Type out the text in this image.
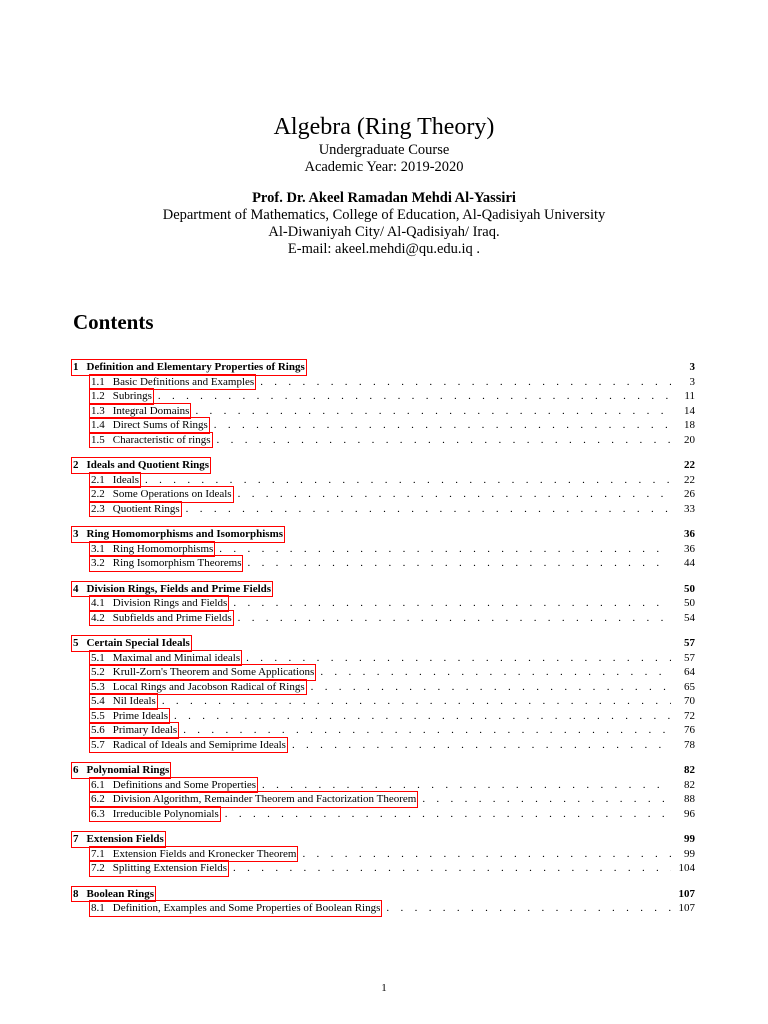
Algebra (Ring Theory)
Undergraduate Course
Academic Year: 2019-2020
Prof. Dr. Akeel Ramadan Mehdi Al-Yassiri
Department of Mathematics, College of Education, Al-Qadisiyah University
Al-Diwaniyah City/ Al-Qadisiyah/ Iraq.
E-mail: akeel.mehdi@qu.edu.iq .
Contents
1 Definition and Elementary Properties of Rings	3
1.1 Basic Definitions and Examples . . .	3
1.2 Subrings . . .	11
1.3 Integral Domains . . .	14
1.4 Direct Sums of Rings . . .	18
1.5 Characteristic of rings . . .	20
2 Ideals and Quotient Rings	22
2.1 Ideals . . .	22
2.2 Some Operations on Ideals . . .	26
2.3 Quotient Rings . . .	33
3 Ring Homomorphisms and Isomorphisms	36
3.1 Ring Homomorphisms . . .	36
3.2 Ring Isomorphism Theorems . . .	44
4 Division Rings, Fields and Prime Fields	50
4.1 Division Rings and Fields . . .	50
4.2 Subfields and Prime Fields . . .	54
5 Certain Special Ideals	57
5.1 Maximal and Minimal ideals . . .	57
5.2 Krull-Zorn's Theorem and Some Applications . . .	64
5.3 Local Rings and Jacobson Radical of Rings . . .	65
5.4 Nil Ideals . . .	70
5.5 Prime Ideals . . .	72
5.6 Primary Ideals . . .	76
5.7 Radical of Ideals and Semiprime Ideals . . .	78
6 Polynomial Rings	82
6.1 Definitions and Some Properties . . .	82
6.2 Division Algorithm, Remainder Theorem and Factorization Theorem . . .	88
6.3 Irreducible Polynomials . . .	96
7 Extension Fields	99
7.1 Extension Fields and Kronecker Theorem . . .	99
7.2 Splitting Extension Fields . . .	104
8 Boolean Rings	107
8.1 Definition, Examples and Some Properties of Boolean Rings . . .	107
1
